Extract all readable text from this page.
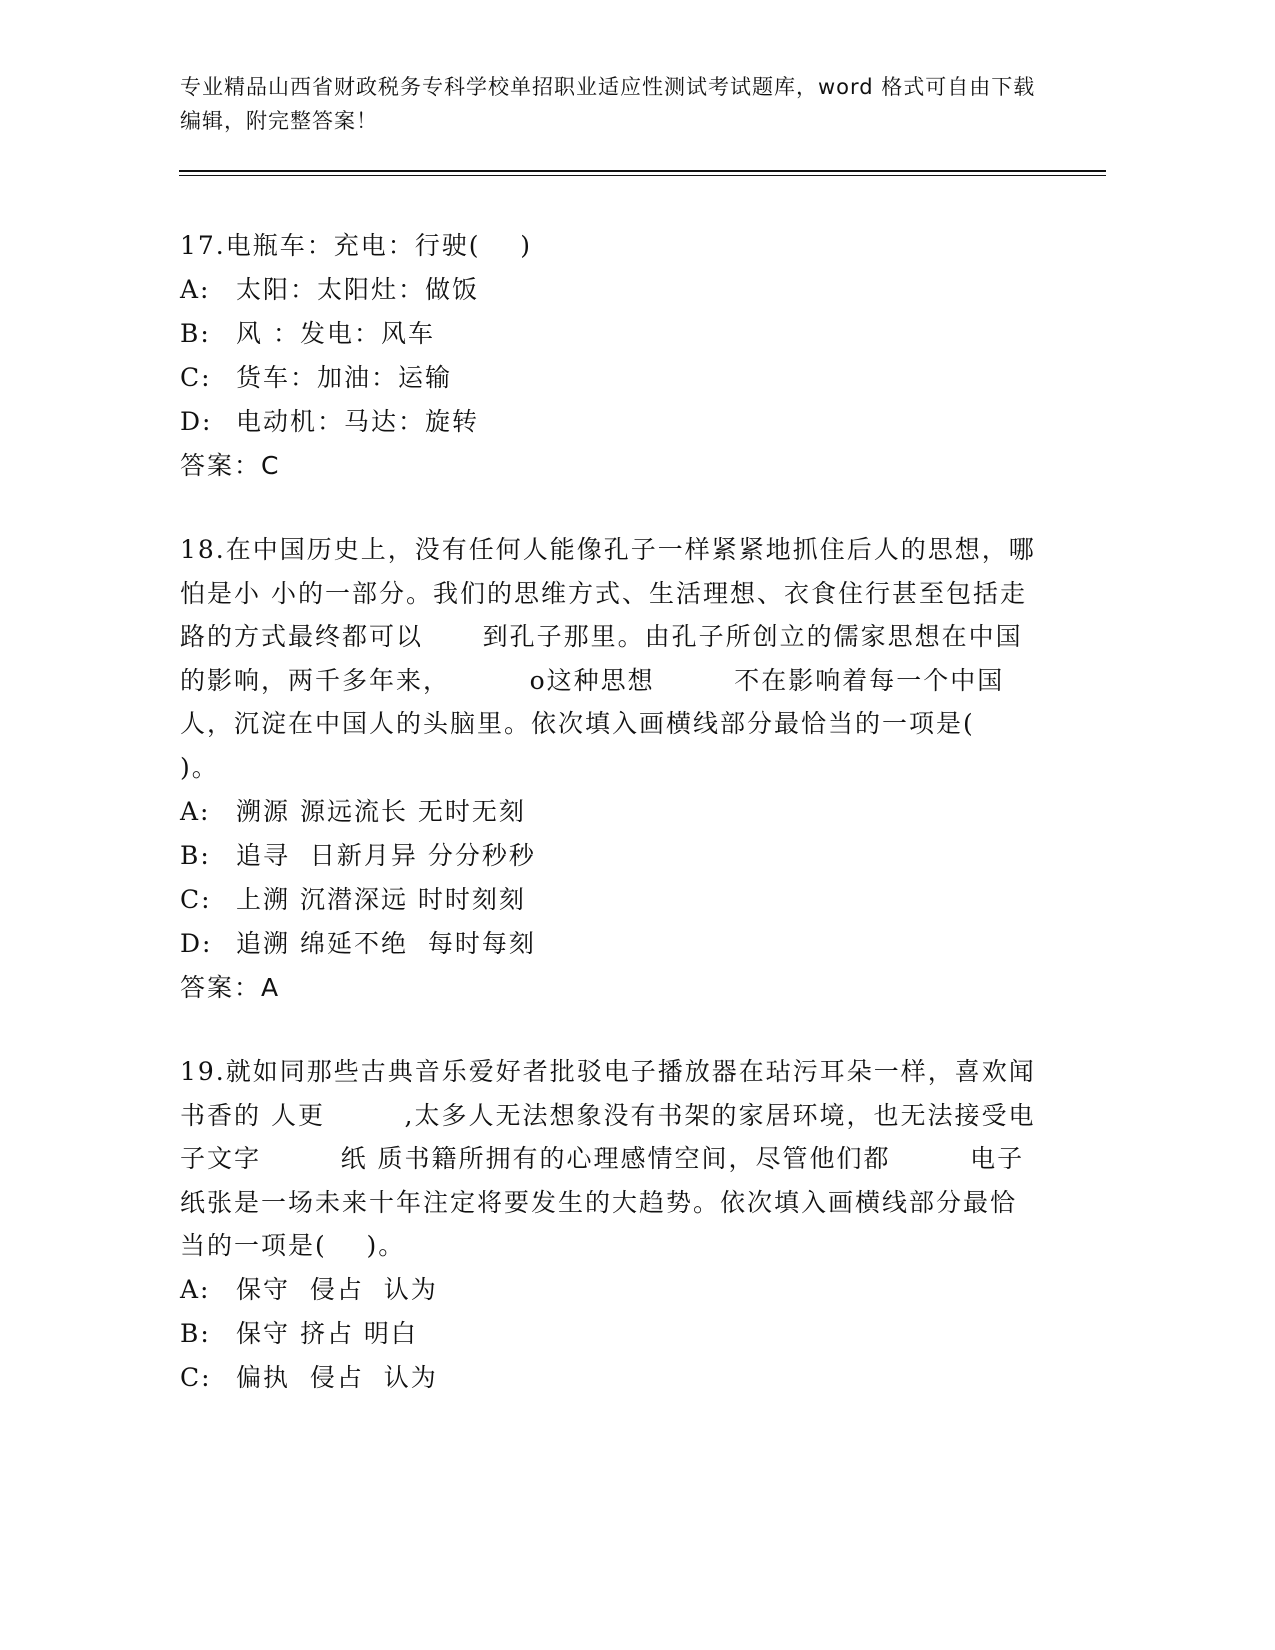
专业精品山西省财政税务专科学校单招职业适应性测试考试题库，word 格式可自由下载编辑，附完整答案！
17.电瓶车：充电：行驶(    )
A: 太阳：太阳灶：做饭
B: 风 ：发电：风车
C: 货车：加油：运输
D: 电动机：马达：旋转
答案：C
18.在中国历史上，没有任何人能像孔子一样紧紧地抓住后人的思想，哪怕是小 小的一部分。我们的思维方式、生活理想、衣食住行甚至包括走路的方式最终都可以      到孔子那里。由孔子所创立的儒家思想在中国的影响，两千多年来，        o这种思想        不在影响着每一个中国人，沉淀在中国人的头脑里。依次填入画横线部分最恰当的一项是(    )。
A: 溯源 源远流长 无时无刻
B: 追寻  日新月异 分分秒秒
C: 上溯 沉潜深远 时时刻刻
D: 追溯 绵延不绝  每时每刻
答案：A
19.就如同那些古典音乐爱好者批驳电子播放器在玷污耳朵一样，喜欢闻书香的 人更        ,太多人无法想象没有书架的家居环境，也无法接受电子文字        纸 质书籍所拥有的心理感情空间，尽管他们都        电子纸张是一场未来十年注定将要发生的大趋势。依次填入画横线部分最恰当的一项是(    )。
A: 保守  侵占  认为
B: 保守 挤占 明白
C: 偏执  侵占  认为
